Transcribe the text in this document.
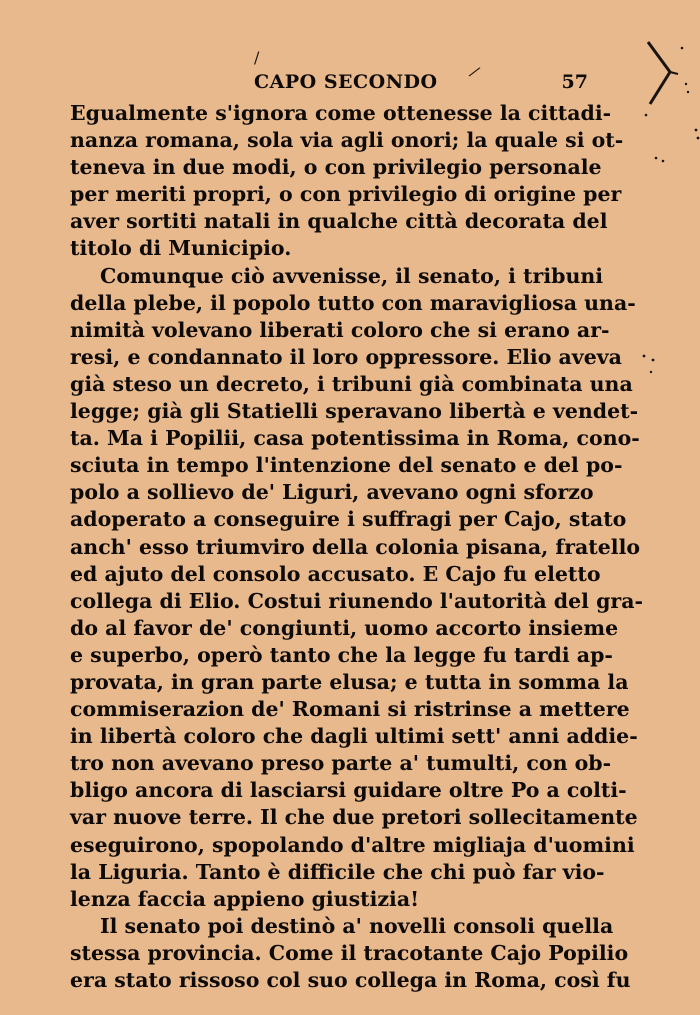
/
/
CAPO SECONDO	57
Egualmente s'ignora come ottenesse la cittadi-
nanza romana, sola via agli onori; la quale si ot-
teneva in due modi, o con privilegio personale
per meriti propri, o con privilegio di origine per
aver sortiti natali in qualche città decorata del
titolo di Municipio.
Comunque ciò avvenisse, il senato, i tribuni
della plebe, il popolo tutto con maravigliosa una-
nimità volevano liberati coloro che si erano ar-
resi, e condannato il loro oppressore. Elio aveva
già steso un decreto, i tribuni già combinata una
legge; già gli Statielli speravano libertà e vendet-
ta. Ma i Popilii, casa potentissima in Roma, cono-
sciuta in tempo l'intenzione del senato e del po-
polo a sollievo de' Liguri, avevano ogni sforzo
adoperato a conseguire i suffragi per Cajo, stato
anch' esso triumviro della colonia pisana, fratello
ed ajuto del consolo accusato. E Cajo fu eletto
collega di Elio. Costui riunendo l'autorità del gra-
do al favor de' congiunti, uomo accorto insieme
e superbo, operò tanto che la legge fu tardi ap-
provata, in gran parte elusa; e tutta in somma la
commiserazion de' Romani si ristrinse a mettere
in libertà coloro che dagli ultimi sett' anni addie-
tro non avevano preso parte a' tumulti, con ob-
bligo ancora di lasciarsi guidare oltre Po a colti-
var nuove terre. Il che due pretori sollecitamente
eseguirono, spopolando d'altre migliaja d'uomini
la Liguria. Tanto è difficile che chi può far vio-
lenza faccia appieno giustizia!
Il senato poi destinò a' novelli consoli quella
stessa provincia. Come il tracotante Cajo Popilio
era stato rissoso col suo collega in Roma, così fu
